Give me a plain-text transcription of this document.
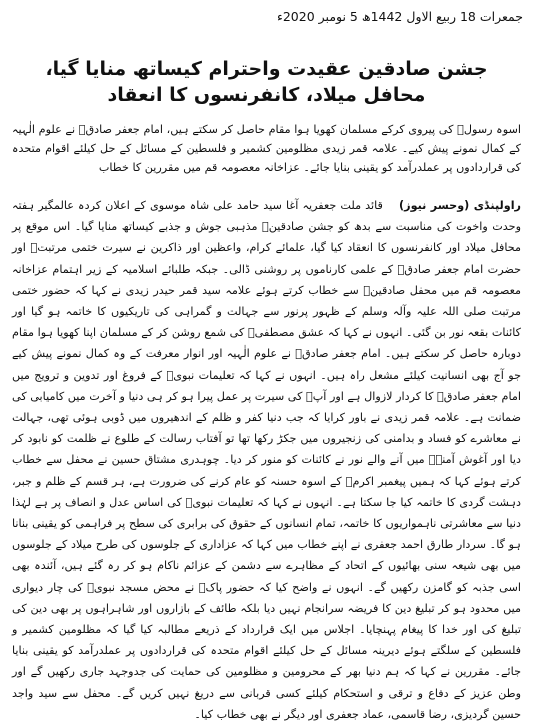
جمعرات 18 ربیع الاول 1442ھ 5 نومبر 2020ء
جشن صادقین عقیدت واحترام کیساتھ منایا گیا، محافل میلاد، کانفرنسوں کا انعقاد
اسوہ رسولؐ کی پیروی کرکے مسلمان کھویا ہوا مقام حاصل کر سکتے ہیں، امام جعفر صادقؑ نے علوم الٰہیہ کے کمال نمونے پیش کیے۔ علامہ قمر زیدی مظلومین کشمیر و فلسطین کے مسائل کے حل کیلئے اقوام متحدہ کی قراردادوں پر عملدرآمد کو یقینی بنایا جائے۔ عزاخانہ معصومہ قم میں مقررین کا خطاب
راولپنڈی (وحسر نیوز) قائد ملت جعفریہ آغا سید حامد علی شاہ موسوی کے اعلان کردہ عالمگیر ہفتہ وحدت واخوت کی مناسبت سے بدھ کو جشن صادقینؑ مذہبی جوش و جذبے کیساتھ منایا گیا۔ اس موقع پر محافل میلاد اور کانفرنسوں کا انعقاد کیا گیا، علمائے کرام، واعظین اور ذاکرین نے سیرت ختمی مرتبتؐ اور حضرت امام جعفر صادقؑ کے علمی کارناموں پر روشنی ڈالی۔ جبکہ طلبائے اسلامیہ کے زیر اہتمام عزاخانہ معصومہ قم میں محفل صادقینؑ سے خطاب کرتے ہوئے علامہ سید قمر حیدر زیدی نے کہا کہ حضور ختمی مرتبت صلی اللہ علیہ وآلہ وسلم کے ظہور پرنور سے جہالت و گمراہی کی تاریکیوں کا خاتمہ ہو گیا اور کائنات بقعہ نور بن گئی۔ انہوں نے کہا کہ عشق مصطفیؐ کی شمع روشن کر کے مسلمان اپنا کھویا ہوا مقام دوبارہ حاصل کر سکتے ہیں۔ امام جعفر صادقؑ نے علوم الٰہیہ اور انوار معرفت کے وہ کمال نمونے پیش کیے جو آج بھی انسانیت کیلئے مشعل راہ ہیں۔ انہوں نے کہا کہ تعلیمات نبویؐ کے فروغ اور تدوین و ترویج میں امام جعفر صادقؑ کا کردار لازوال ہے اور آپؑ کی سیرت پر عمل پیرا ہو کر ہی دنیا و آخرت میں کامیابی کی ضمانت ہے۔ علامہ قمر زیدی نے باور کرایا کہ جب دنیا کفر و ظلم کے اندھیروں میں ڈوبی ہوئی تھی، جہالت نے معاشرے کو فساد و بدامنی کی زنجیروں میں جکڑ رکھا تھا تو آفتاب رسالت کے طلوع نے ظلمت کو نابود کر دیا اور آغوش آمنہؑ میں آنے والے نور نے کائنات کو منور کر دیا۔ چوہدری مشتاق حسین نے محفل سے خطاب کرتے ہوئے کہا کہ ہمیں پیغمبر اکرمؐ کے اسوہ حسنہ کو عام کرنے کی ضرورت ہے، ہر قسم کے ظلم و جبر، دہشت گردی کا خاتمہ کیا جا سکتا ہے۔ انہوں نے کہا کہ تعلیمات نبویؐ کی اساس عدل و انصاف پر ہے لہٰذا دنیا سے معاشرتی ناہمواریوں کا خاتمہ، تمام انسانوں کے حقوق کی برابری کی سطح پر فراہمی کو یقینی بنانا ہو گا۔ سردار طارق احمد جعفری نے اپنے خطاب میں کہا کہ عزاداری کے جلوسوں کی طرح میلاد کے جلوسوں میں بھی شیعہ سنی بھائیوں کے اتحاد کے مظاہرے سے دشمن کے عزائم ناکام ہو کر رہ گئے ہیں، آئندہ بھی اسی جذبہ کو گامزن رکھیں گے۔ انہوں نے واضح کیا کہ حضور پاکؐ نے محض مسجد نبویؐ کی چار دیواری میں محدود ہو کر تبلیغ دین کا فریضہ سرانجام نہیں دیا بلکہ طائف کے بازاروں اور شاہراہوں پر بھی دین کی تبلیغ کی اور خدا کا پیغام پہنچایا۔ اجلاس میں ایک قرارداد کے ذریعے مطالبہ کیا گیا کہ مظلومین کشمیر و فلسطین کے سلگتے ہوئے دیرینہ مسائل کے حل کیلئے اقوام متحدہ کی قراردادوں پر عملدرآمد کو یقینی بنایا جائے۔ مقررین نے کہا کہ ہم دنیا بھر کے محرومین و مظلومین کی حمایت کی جدوجہد جاری رکھیں گے اور وطن عزیز کے دفاع و ترقی و استحکام کیلئے کسی قربانی سے دریغ نہیں کریں گے۔ محفل سے سید واجد حسین گردیزی، رضا قاسمی، عماد جعفری اور دیگر نے بھی خطاب کیا۔
